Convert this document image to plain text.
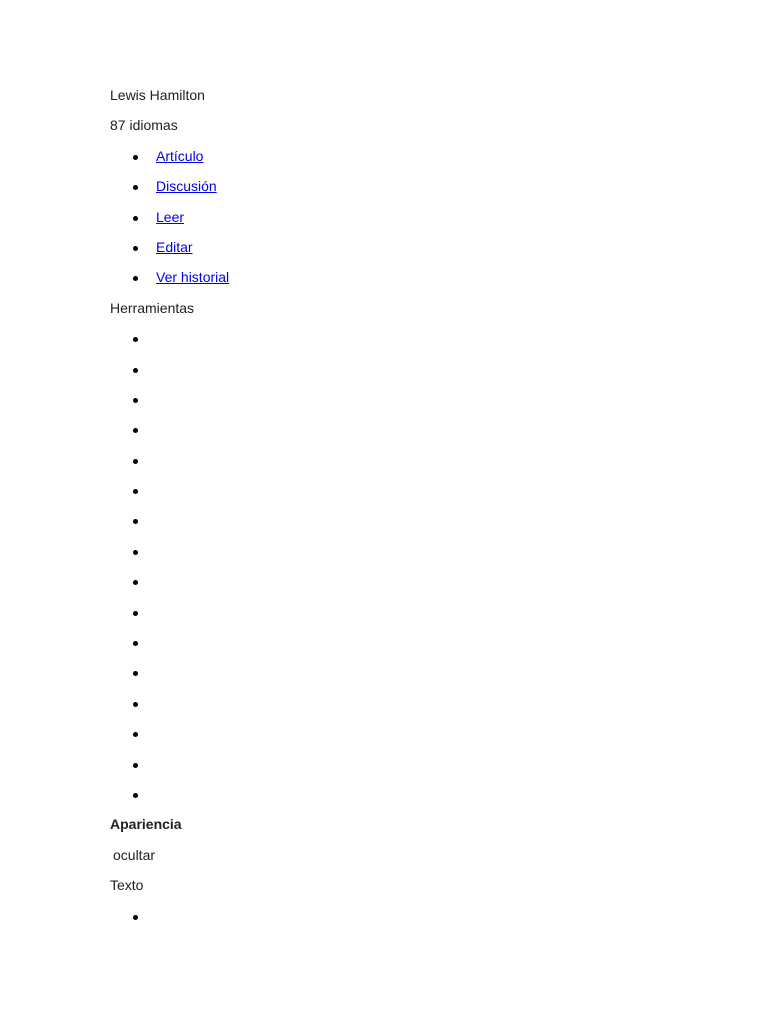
Lewis Hamilton
87 idiomas
Artículo
Discusión
Leer
Editar
Ver historial
Herramientas
Apariencia
ocultar
Texto
